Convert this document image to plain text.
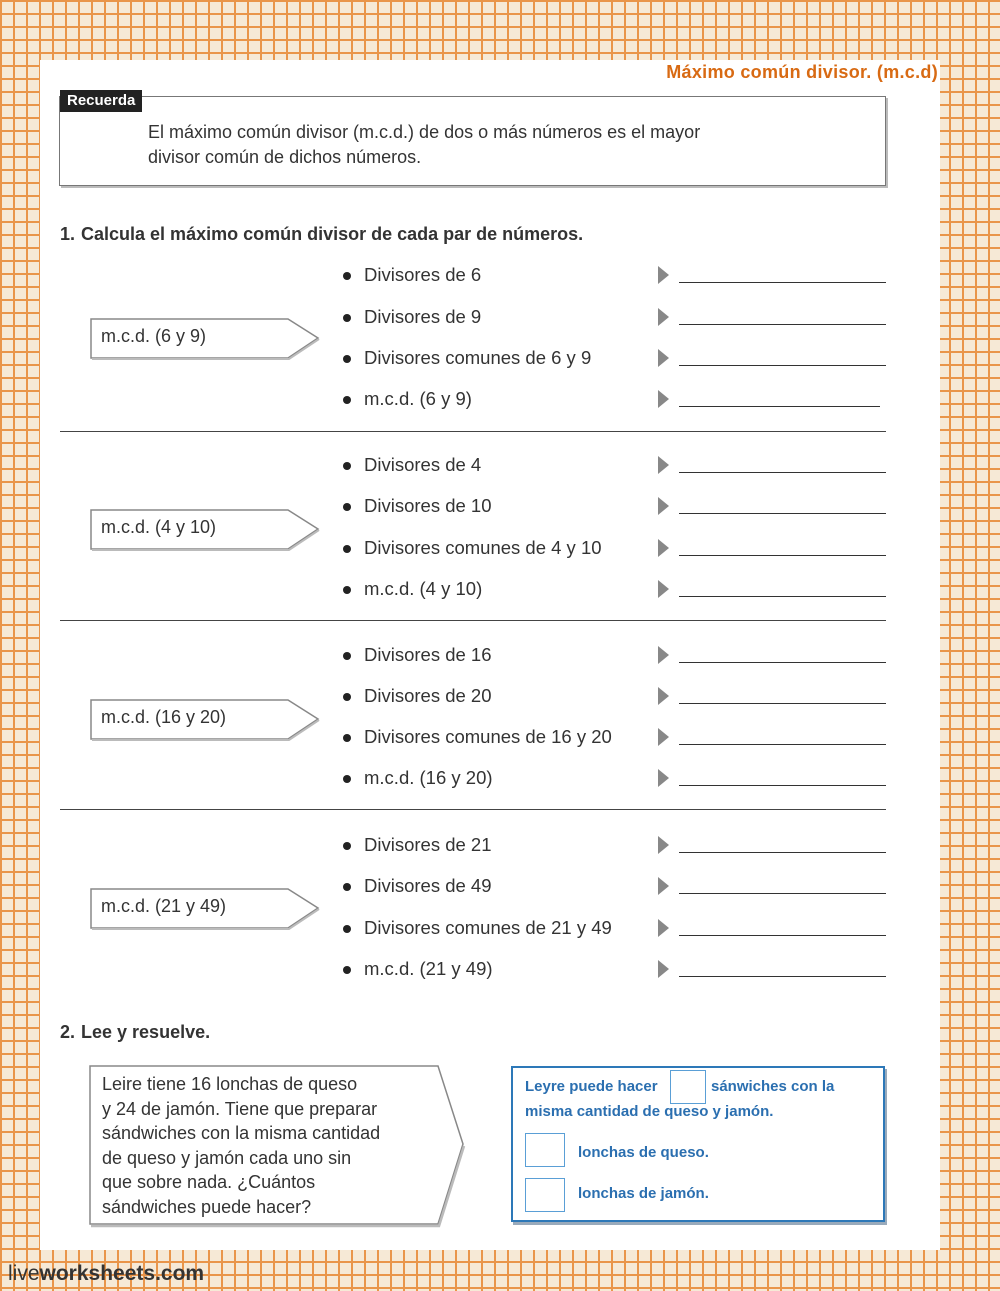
Máximo común divisor. (m.c.d)
Recuerda
El máximo común divisor (m.c.d.) de dos o más números es el mayor
divisor común de dichos números.
1. Calcula el máximo común divisor de cada par de números.
m.c.d. (6 y 9)
Divisores de 6
Divisores de 9
Divisores comunes de 6 y 9
m.c.d. (6 y 9)
m.c.d. (4 y 10)
Divisores de 4
Divisores de 10
Divisores comunes de 4 y 10
m.c.d. (4 y 10)
m.c.d. (16 y 20)
Divisores de 16
Divisores de 20
Divisores comunes de 16 y 20
m.c.d. (16 y 20)
m.c.d. (21 y 49)
Divisores de 21
Divisores de 49
Divisores comunes de 21 y 49
m.c.d. (21 y 49)
2. Lee y resuelve.
Leire tiene 16 lonchas de queso
y 24 de jamón. Tiene que preparar
sándwiches con la misma cantidad
de queso y jamón cada uno sin
que sobre nada. ¿Cuántos
sándwiches puede hacer?
Leyre puede hacer	sánwiches con la
misma cantidad de queso y jamón.
lonchas de queso.
lonchas de jamón.
liveworksheets.com
